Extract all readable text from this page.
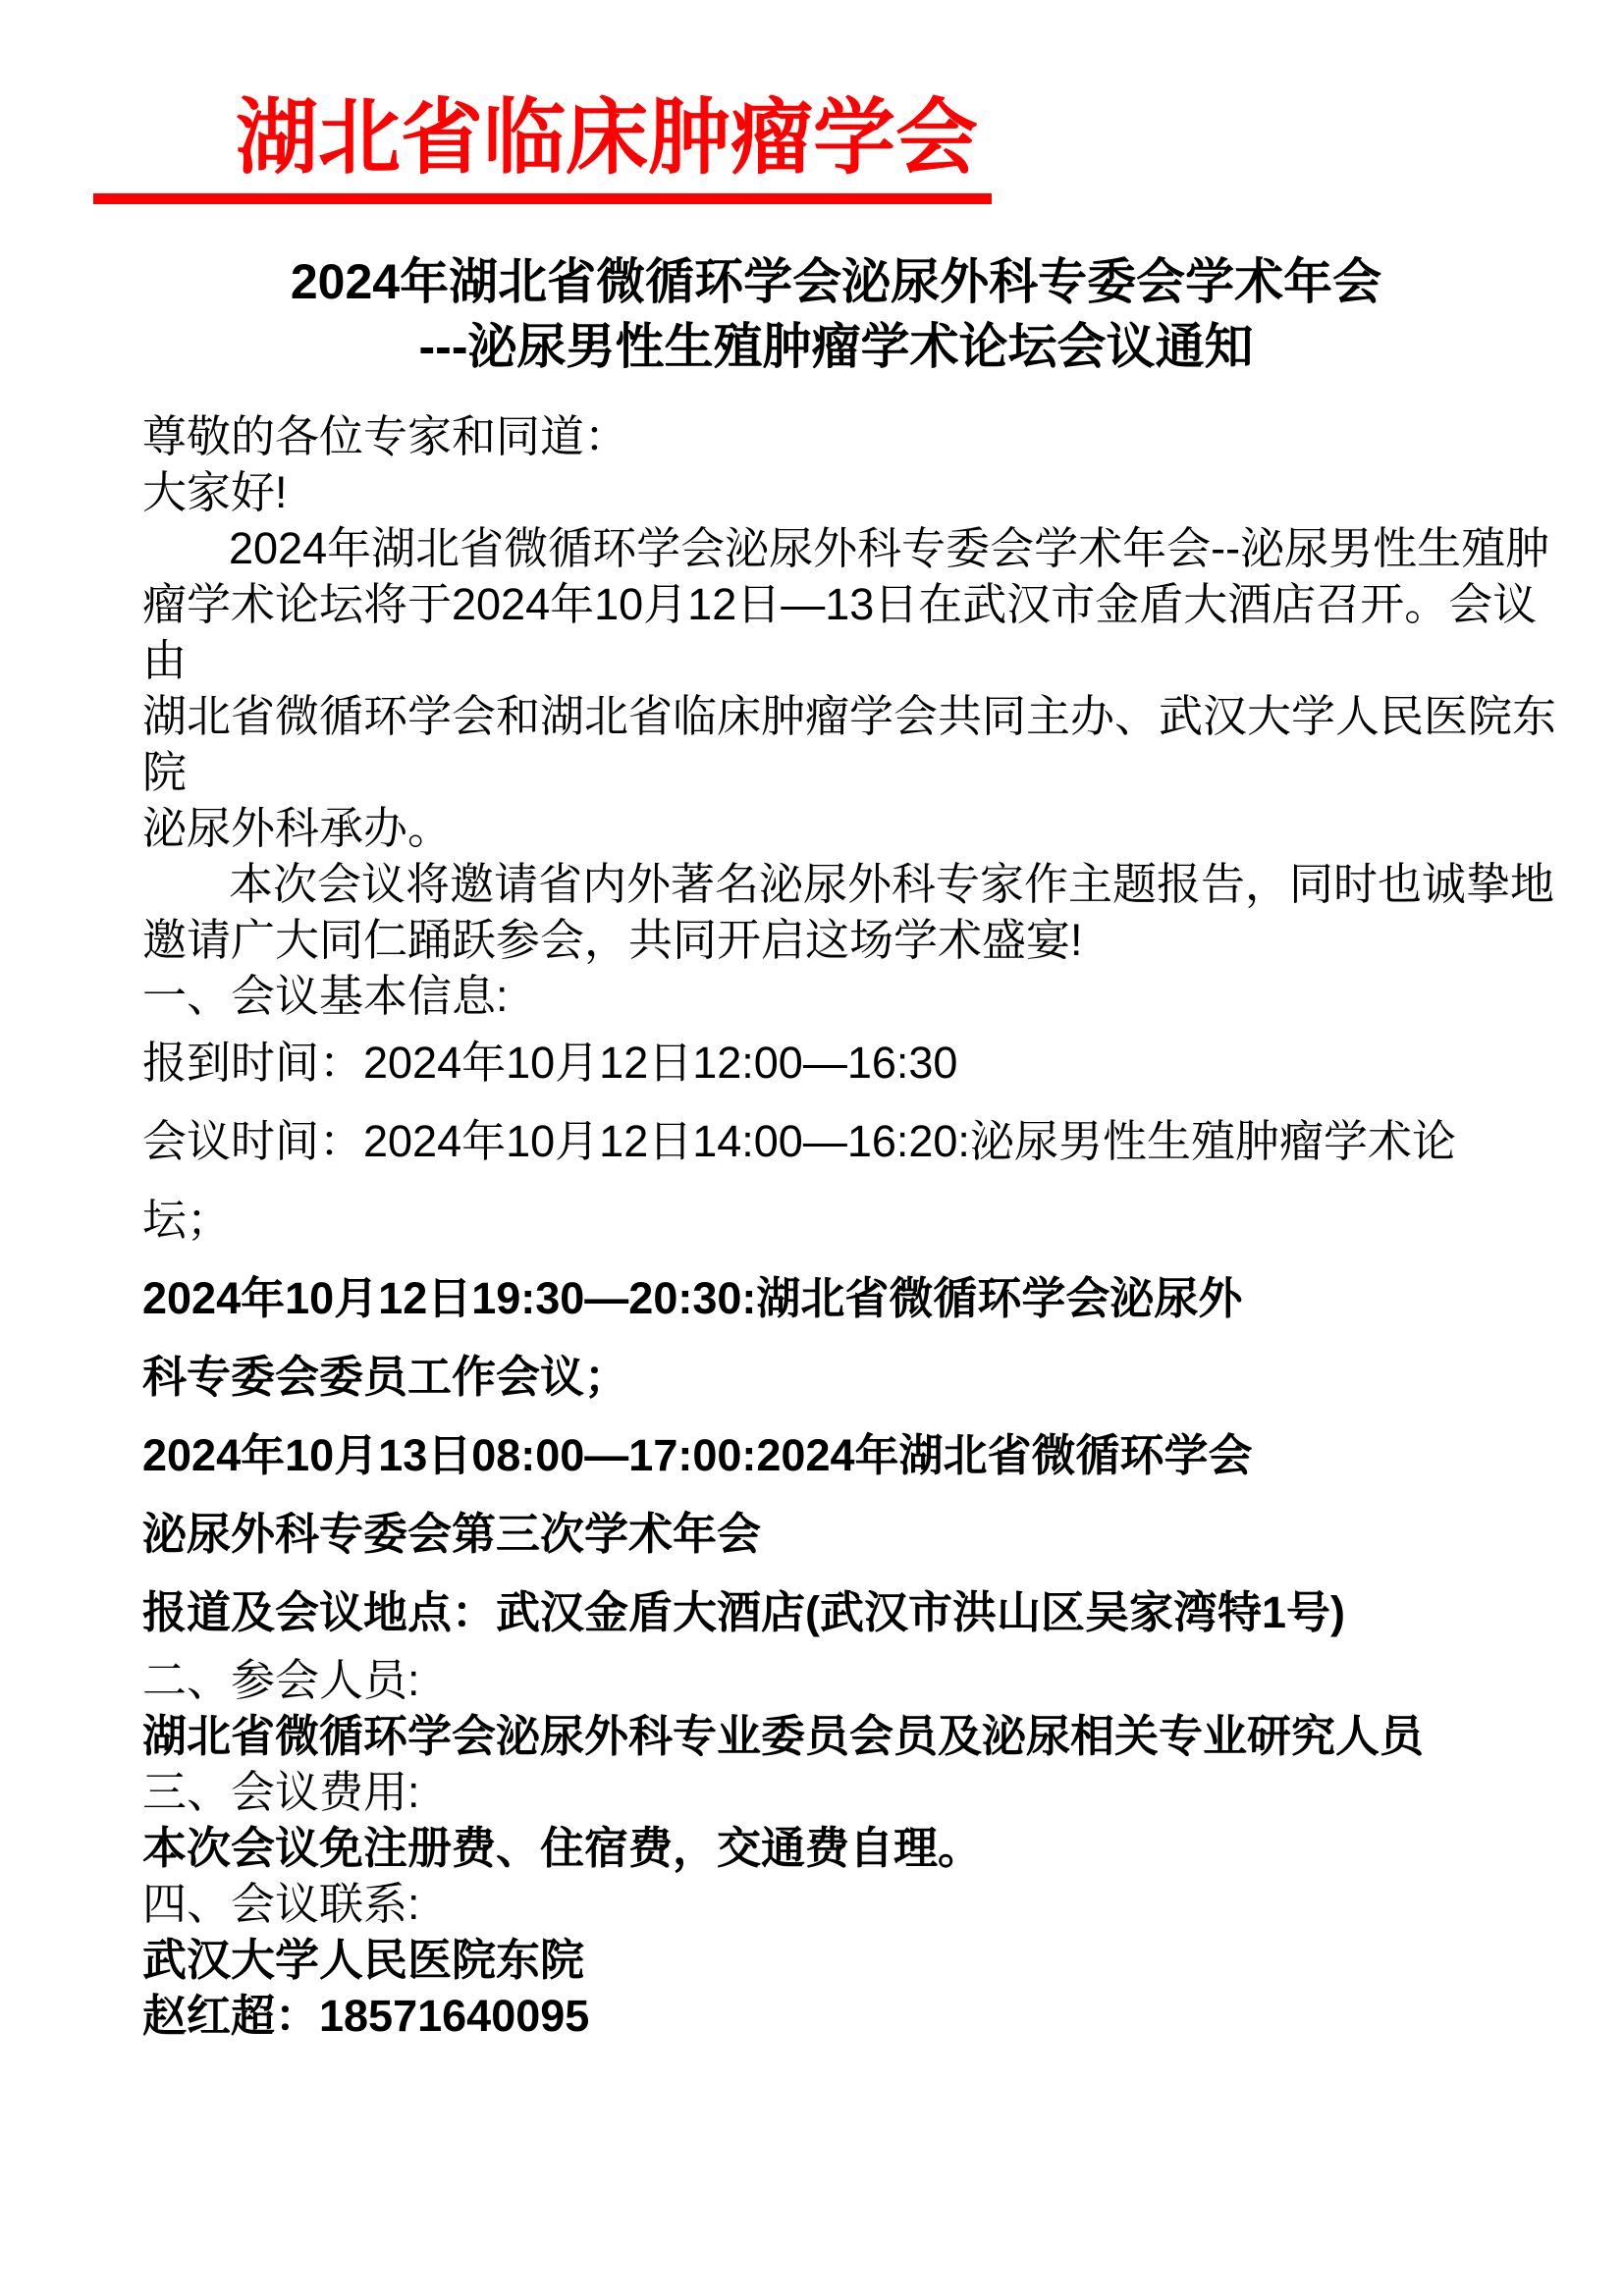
湖北省临床肿瘤学会
2024年湖北省微循环学会泌尿外科专委会学术年会
---泌尿男性生殖肿瘤学术论坛会议通知

尊敬的各位专家和同道：

大家好!

2024年湖北省微循环学会泌尿外科专委会学术年会--泌尿男性生殖肿
瘤学术论坛将于2024年10月12日—13日在武汉市金盾大酒店召开。会议由
湖北省微循环学会和湖北省临床肿瘤学会共同主办、武汉大学人民医院东院
泌尿外科承办。
本次会议将邀请省内外著名泌尿外科专家作主题报告，同时也诚挚地
邀请广大同仁踊跃参会，共同开启这场学术盛宴!

一、会议基本信息:

报到时间：2024年10月12日12:00—16:30

会议时间：2024年10月12日14:00—16:20:泌尿男性生殖肿瘤学术论

坛；

2024年10月12日19:30—20:30:湖北省微循环学会泌尿外

科专委会委员工作会议；

2024年10月13日08:00—17:00:2024年湖北省微循环学会

泌尿外科专委会第三次学术年会

报道及会议地点：武汉金盾大酒店(武汉市洪山区吴家湾特1号)

二、参会人员:

湖北省微循环学会泌尿外科专业委员会员及泌尿相关专业研究人员

三、会议费用:

本次会议免注册费、住宿费，交通费自理。

四、会议联系:

武汉大学人民医院东院

赵红超：18571640095
